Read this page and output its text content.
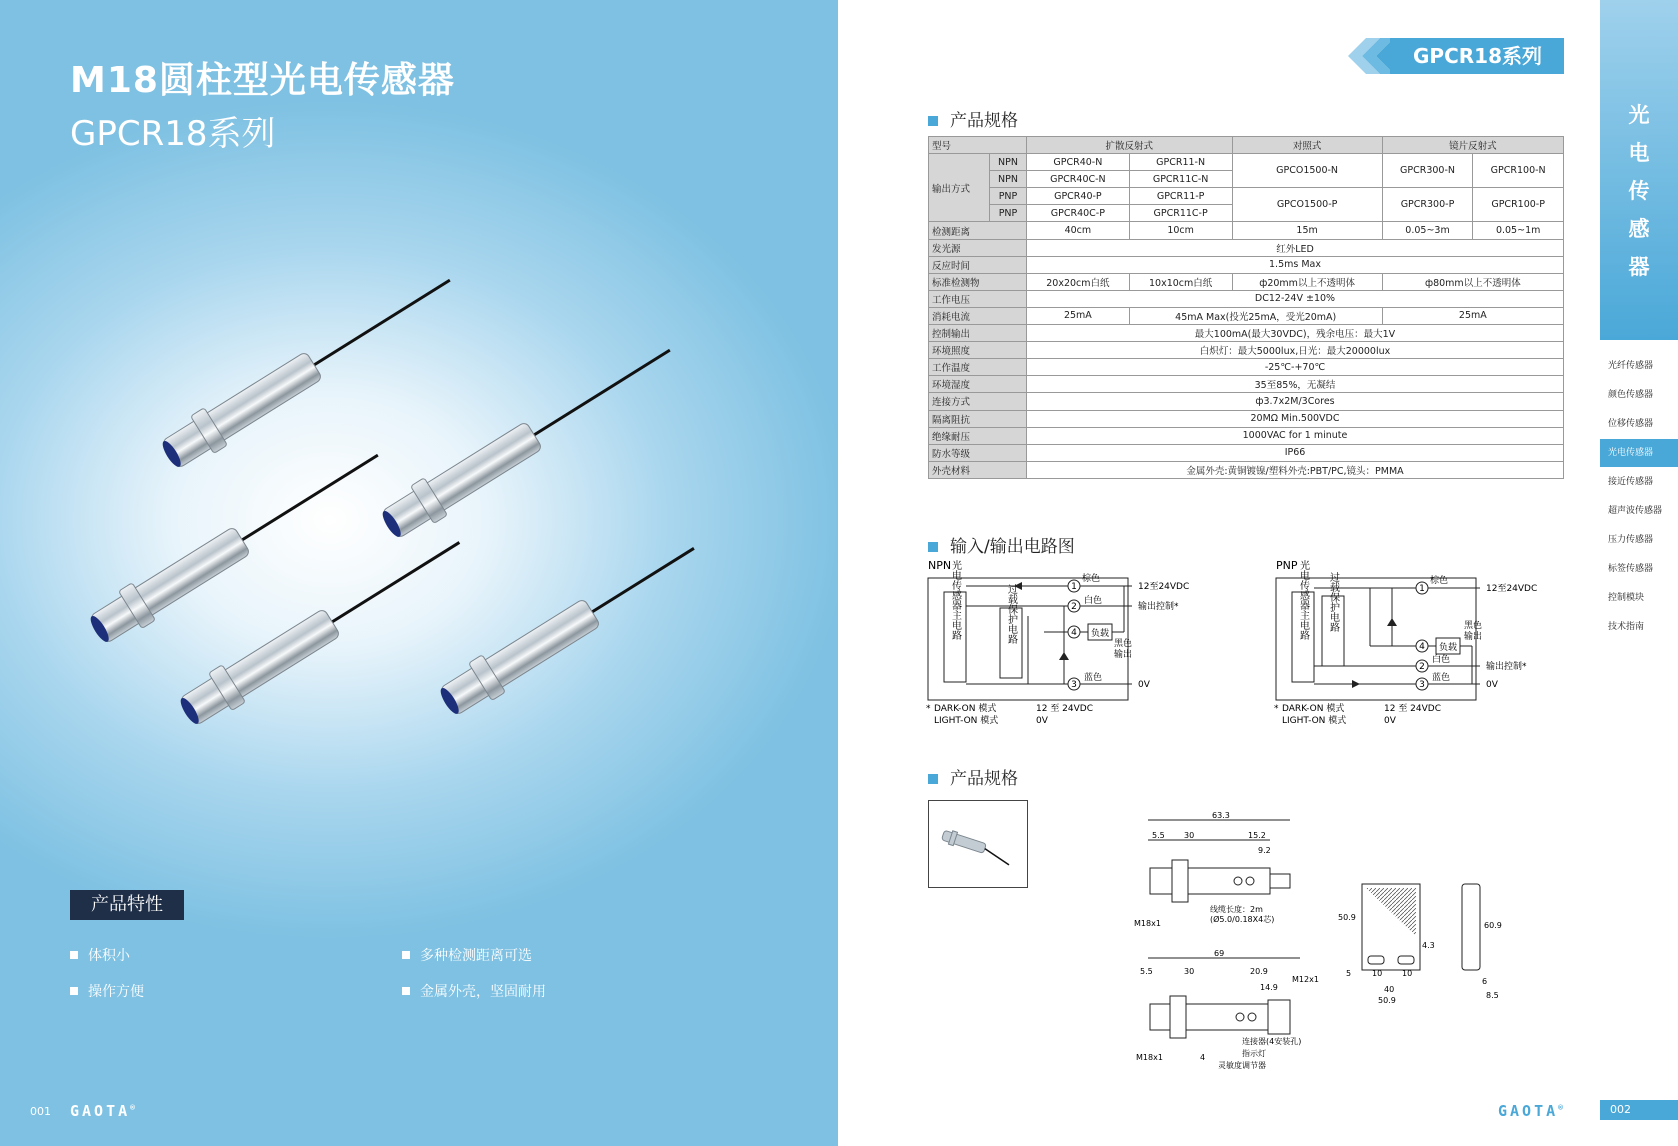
M18圆柱型光电传感器
GPCR18系列
产品特性
体积小	多种检测距离可选
操作方便	金属外壳，坚固耐用
001 GAOTA®
GPCR18系列
产品规格
型号		扩散反射式		对照式	镜片反射式	
输出方式	NPN	GPCR40-N	GPCR11-N	GPCO1500-N	GPCR300-N	GPCR100-N
	NPN	GPCR40C-N	GPCR11C-N			
	PNP	GPCR40-P	GPCR11-P	GPCO1500-P	GPCR300-P	GPCR100-P
	PNP	GPCR40C-P	GPCR11C-P			
检测距离		40cm	10cm	15m	0.05~3m	0.05~1m
发光源		红外LED				
反应时间		1.5ms Max				
标准检测物		20x20cm白纸	10x10cm白纸	ф20mm以上不透明体	ф80mm以上不透明体	
工作电压		DC12-24V ±10%				
消耗电流		25mA	45mA Max(投光25mA，受光20mA)		25mA	
控制输出		最大100mA(最大30VDC)，残余电压：最大1V				
环境照度		白炽灯：最大5000lux,日光：最大20000lux				
工作温度		-25℃-+70℃				
环境湿度		35至85%，无凝结				
连接方式		ф3.7x2M/3Cores				
隔离阻抗		20MΩ Min.500VDC				
绝缘耐压		1000VAC for 1 minute				
防水等级		IP66				
外壳材料		金属外壳:黄铜镀镍/塑料外壳:PBT/PC,镜头：PMMA				
输入/输出电路图
NPN
光电传感器主电路	过载保护电路	1
2
4
3
负载
棕色
白色
黑色
输出
蓝色
12至24VDC
输出控制*
0V
* DARK-ON 模式	12 至 24VDC
LIGHT-ON 模式	0V
PNP 光电传感器主电路 过载保护电路	1
4
2
3
负载
棕色
黑色
输出
白色
蓝色
12至24VDC
输出控制*
0V
* DARK-ON 模式	12 至 24VDC
LIGHT-ON 模式	0V
产品规格
63.3
5.5 30	15.2
9.2
M18x1
线缆长度：2m
(Ø5.0/0.18X4芯)
69
5.5	30	20.9
14.9
M12x1
M18x1	4
连接器(4安装孔)
指示灯
灵敏度调节器
50.9
10 10
40
50.9
4.3
5
60.9
6
8.5
GAOTA®
光
电
传
感
器
光纤传感器
颜色传感器
位移传感器
光电传感器
接近传感器
超声波传感器
压力传感器
标签传感器
控制模块
技术指南
002
